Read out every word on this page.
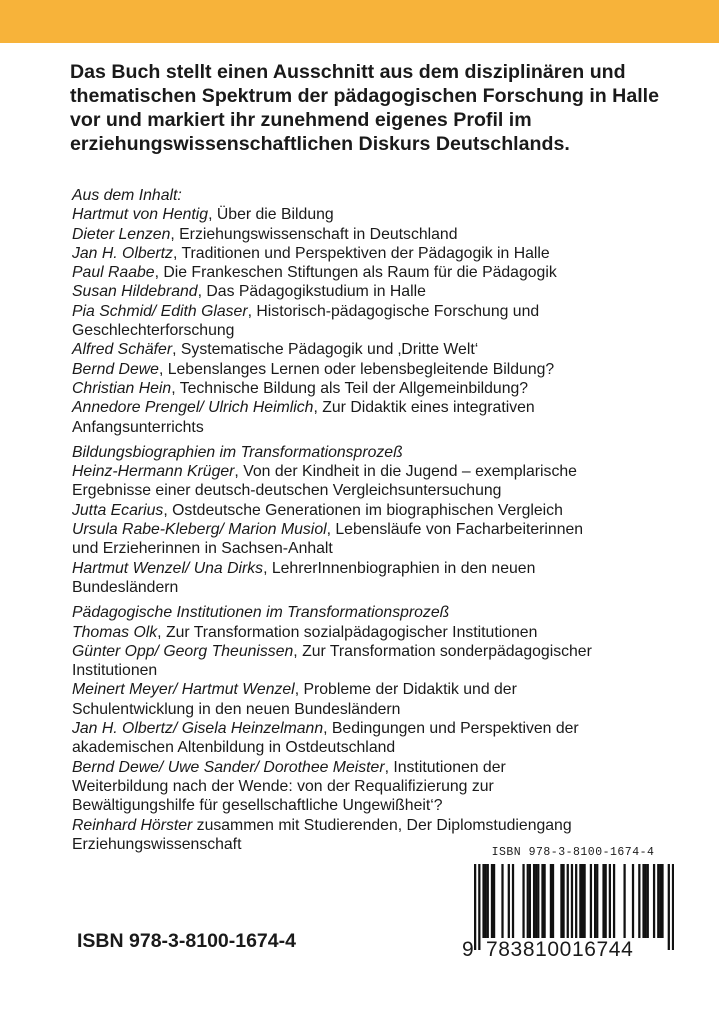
Das Buch stellt einen Ausschnitt aus dem disziplinären und thematischen Spektrum der pädagogischen Forschung in Halle vor und markiert ihr zunehmend eigenes Profil im erziehungswissenschaftlichen Diskurs Deutschlands.

Aus dem Inhalt:

Hartmut von Hentig, Über die Bildung

Dieter Lenzen, Erziehungswissenschaft in Deutschland

Jan H. Olbertz, Traditionen und Perspektiven der Pädagogik in Halle

Paul Raabe, Die Frankeschen Stiftungen als Raum für die Pädagogik

Susan Hildebrand, Das Pädagogikstudium in Halle

Pia Schmid/ Edith Glaser, Historisch-pädagogische Forschung und

Geschlechterforschung

Alfred Schäfer, Systematische Pädagogik und ‚Dritte Welt‘

Bernd Dewe, Lebenslanges Lernen oder lebensbegleitende Bildung?

Christian Hein, Technische Bildung als Teil der Allgemeinbildung?

Annedore Prengel/ Ulrich Heimlich, Zur Didaktik eines integrativen

Anfangsunterrichts

Bildungsbiographien im Transformationsprozeß

Heinz-Hermann Krüger, Von der Kindheit in die Jugend – exemplarische

Ergebnisse einer deutsch-deutschen Vergleichsuntersuchung

Jutta Ecarius, Ostdeutsche Generationen im biographischen Vergleich

Ursula Rabe-Kleberg/ Marion Musiol, Lebensläufe von Facharbeiterinnen

und Erzieherinnen in Sachsen-Anhalt

Hartmut Wenzel/ Una Dirks, LehrerInnenbiographien in den neuen

Bundesländern

Pädagogische Institutionen im Transformationsprozeß

Thomas Olk, Zur Transformation sozialpädagogischer Institutionen

Günter Opp/ Georg Theunissen, Zur Transformation sonderpädagogischer

Institutionen

Meinert Meyer/ Hartmut Wenzel, Probleme der Didaktik und der

Schulentwicklung in den neuen Bundesländern

Jan H. Olbertz/ Gisela Heinzelmann, Bedingungen und Perspektiven der

akademischen Altenbildung in Ostdeutschland

Bernd Dewe/ Uwe Sander/ Dorothee Meister, Institutionen der

Weiterbildung nach der Wende: von der Requalifizierung zur

Bewältigungshilfe für gesellschaftliche Ungewißheit‘?

Reinhard Hörster zusammen mit Studierenden, Der Diplomstudiengang

Erziehungswissenschaft

ISBN 978-3-8100-1674-4

ISBN 978-3-8100-1674-4
9 783810016744
